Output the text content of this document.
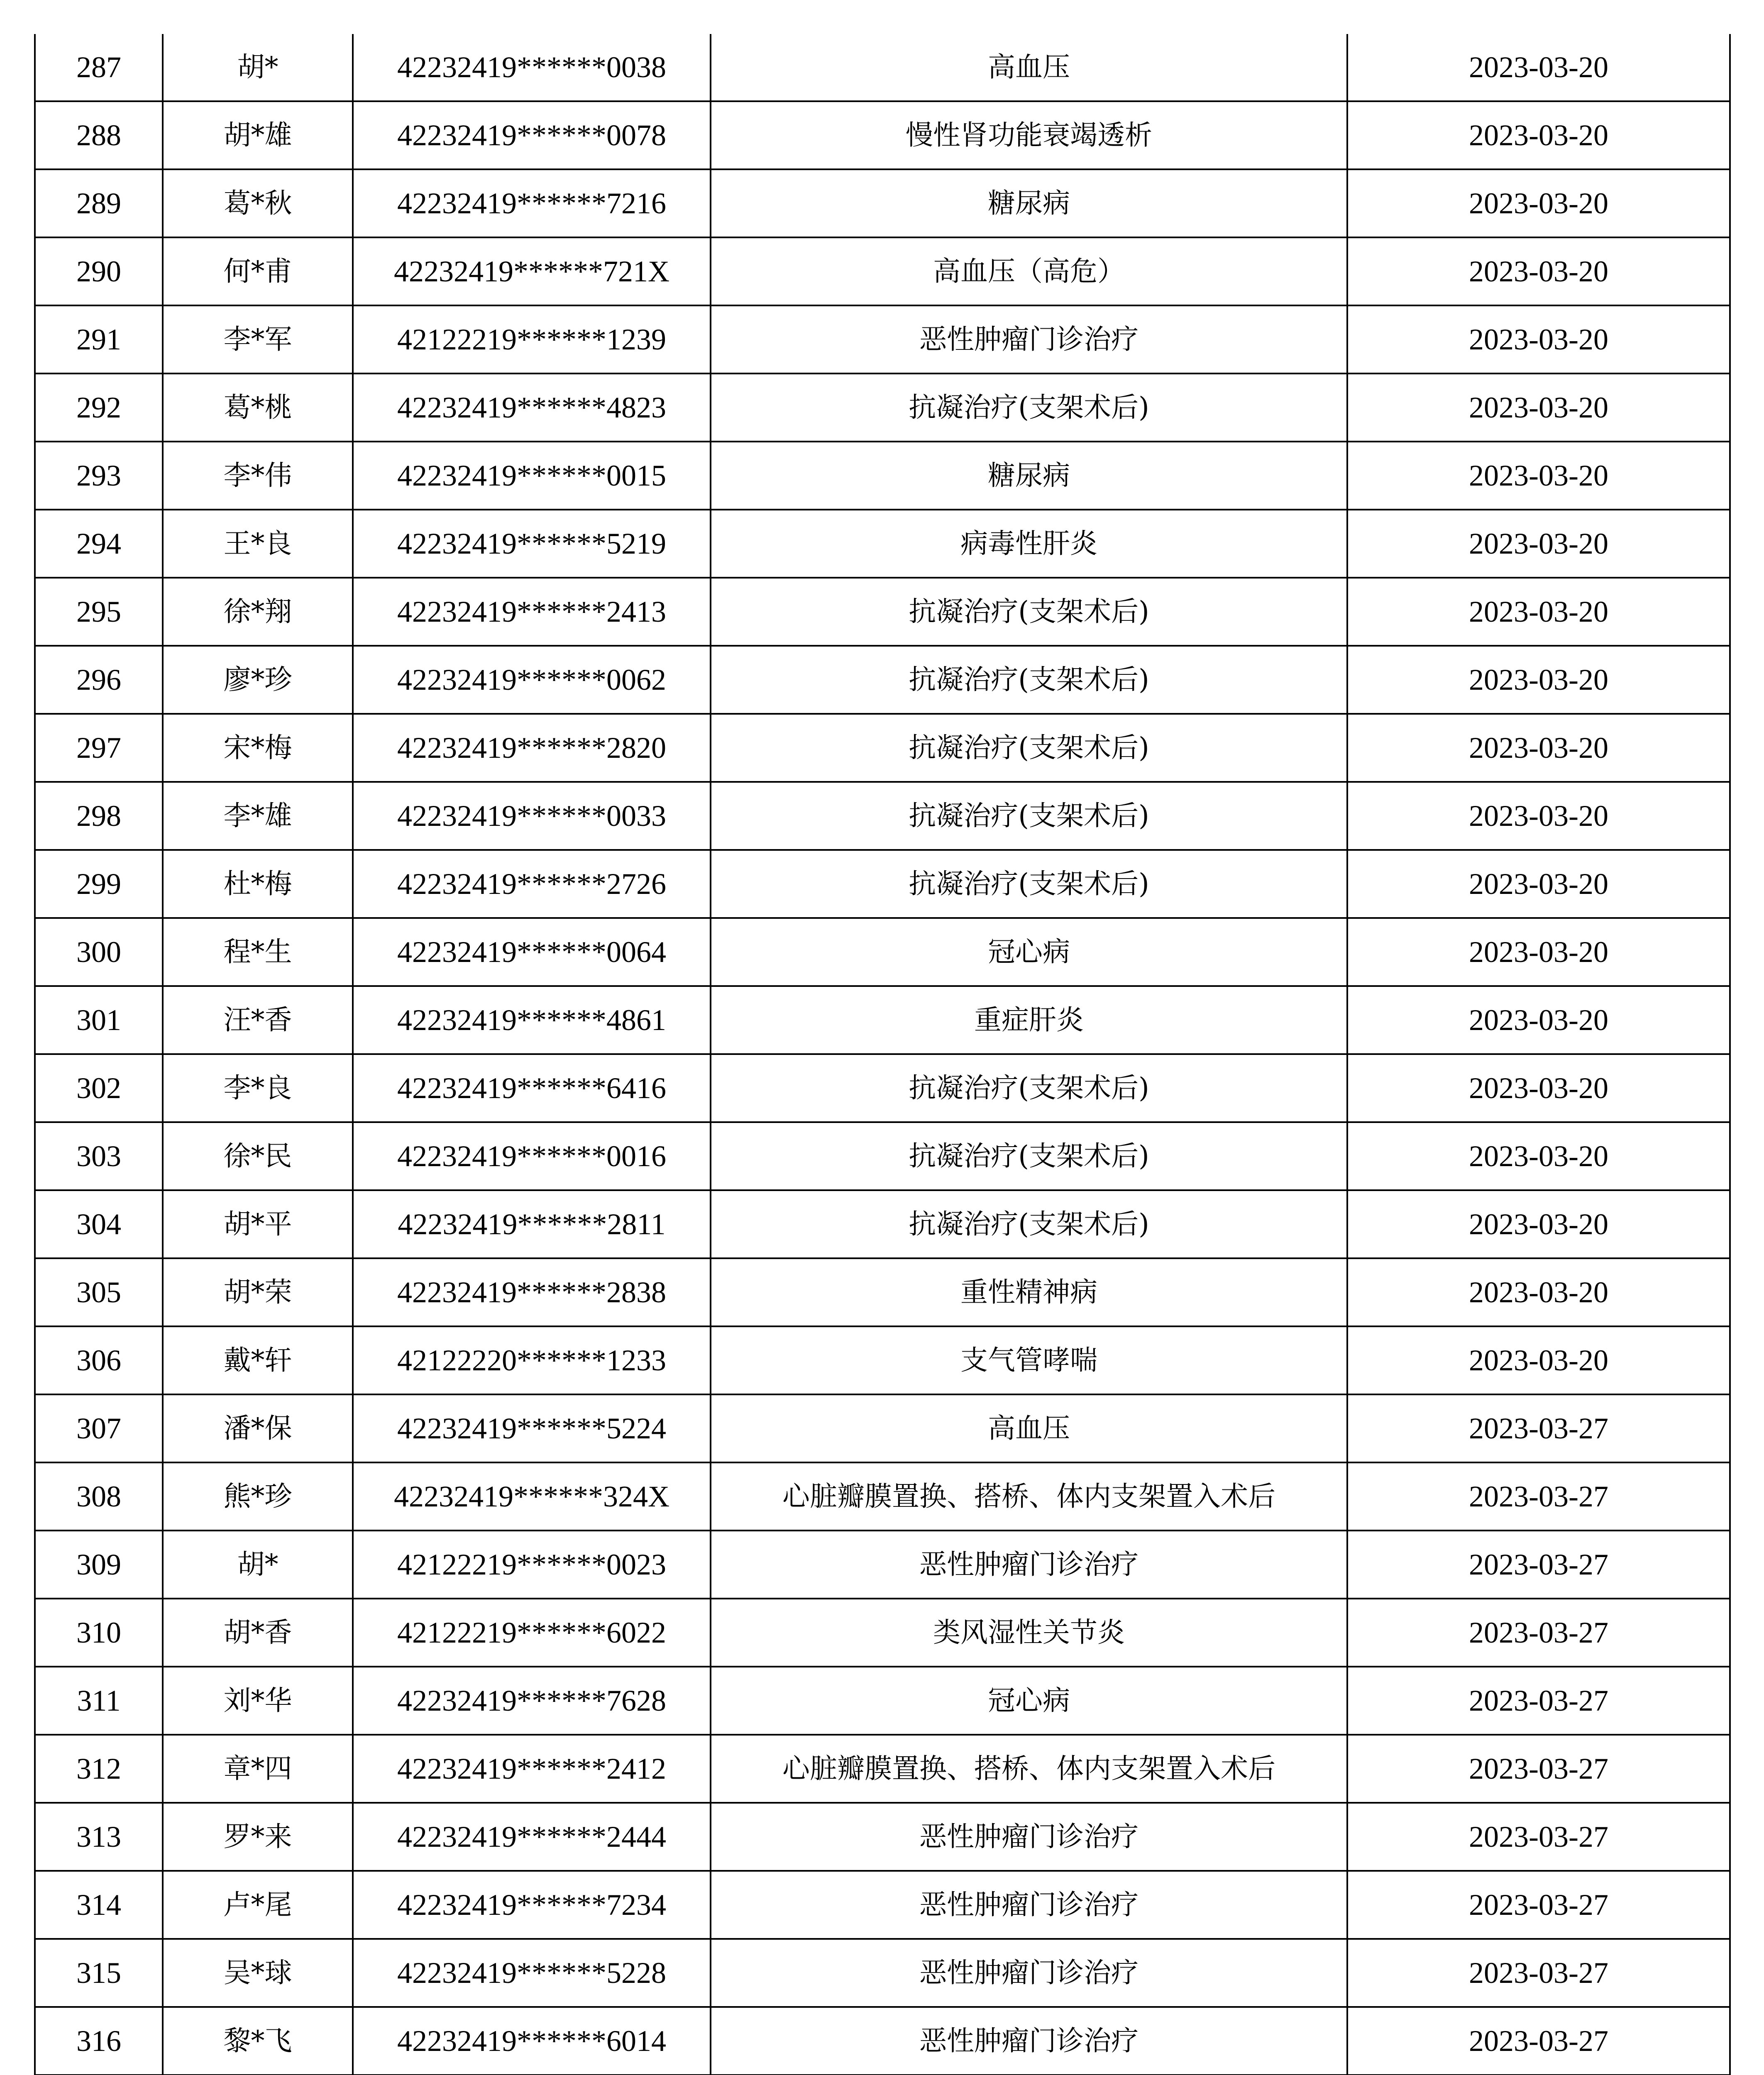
287	胡*	42232419******0038	高血压	2023-03-20
288	胡*雄	42232419******0078	慢性肾功能衰竭透析	2023-03-20
289	葛*秋	42232419******7216	糖尿病	2023-03-20
290	何*甫	42232419******721X	高血压（高危）	2023-03-20
291	李*军	42122219******1239	恶性肿瘤门诊治疗	2023-03-20
292	葛*桃	42232419******4823	抗凝治疗(支架术后)	2023-03-20
293	李*伟	42232419******0015	糖尿病	2023-03-20
294	王*良	42232419******5219	病毒性肝炎	2023-03-20
295	徐*翔	42232419******2413	抗凝治疗(支架术后)	2023-03-20
296	廖*珍	42232419******0062	抗凝治疗(支架术后)	2023-03-20
297	宋*梅	42232419******2820	抗凝治疗(支架术后)	2023-03-20
298	李*雄	42232419******0033	抗凝治疗(支架术后)	2023-03-20
299	杜*梅	42232419******2726	抗凝治疗(支架术后)	2023-03-20
300	程*生	42232419******0064	冠心病	2023-03-20
301	汪*香	42232419******4861	重症肝炎	2023-03-20
302	李*良	42232419******6416	抗凝治疗(支架术后)	2023-03-20
303	徐*民	42232419******0016	抗凝治疗(支架术后)	2023-03-20
304	胡*平	42232419******2811	抗凝治疗(支架术后)	2023-03-20
305	胡*荣	42232419******2838	重性精神病	2023-03-20
306	戴*轩	42122220******1233	支气管哮喘	2023-03-20
307	潘*保	42232419******5224	高血压	2023-03-27
308	熊*珍	42232419******324X	心脏瓣膜置换、搭桥、体内支架置入术后	2023-03-27
309	胡*	42122219******0023	恶性肿瘤门诊治疗	2023-03-27
310	胡*香	42122219******6022	类风湿性关节炎	2023-03-27
311	刘*华	42232419******7628	冠心病	2023-03-27
312	章*四	42232419******2412	心脏瓣膜置换、搭桥、体内支架置入术后	2023-03-27
313	罗*来	42232419******2444	恶性肿瘤门诊治疗	2023-03-27
314	卢*尾	42232419******7234	恶性肿瘤门诊治疗	2023-03-27
315	吴*球	42232419******5228	恶性肿瘤门诊治疗	2023-03-27
316	黎*飞	42232419******6014	恶性肿瘤门诊治疗	2023-03-27
